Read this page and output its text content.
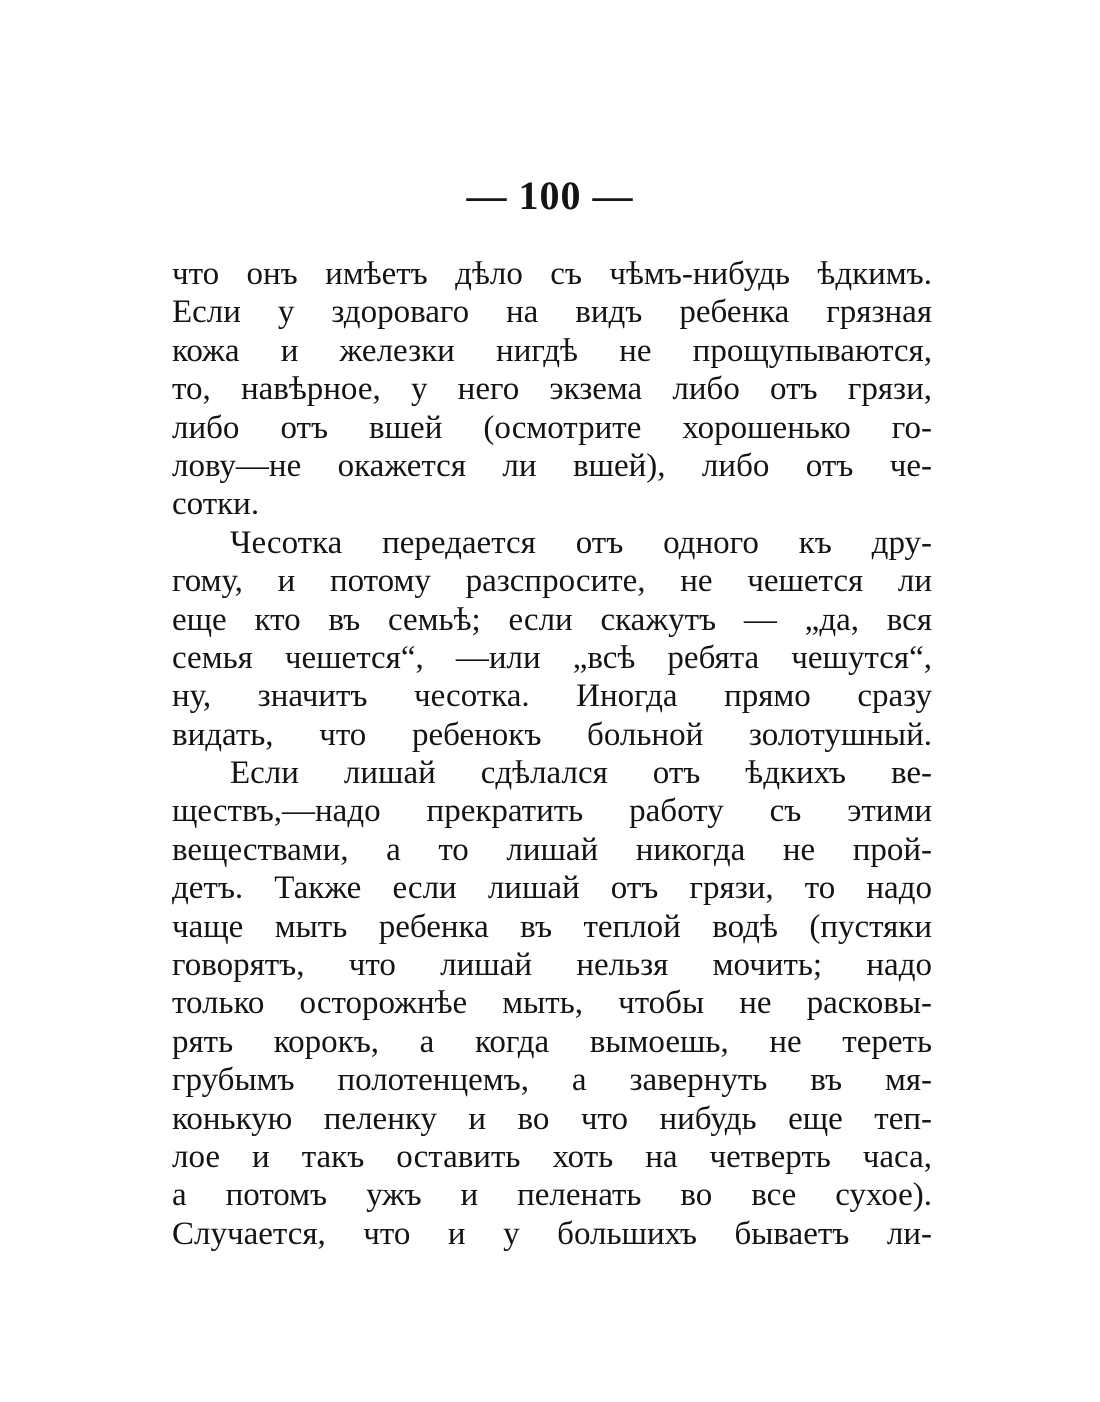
— 100 —
что онъ имѣетъ дѣло съ чѣмъ-нибудь ѣдкимъ.
Если у здороваго на видъ ребенка грязная
кожа и железки нигдѣ не прощупываются,
то, навѣрное, у него экзема либо отъ грязи,
либо отъ вшей (осмотрите хорошенько го-
лову—не окажется ли вшей), либо отъ че-
сотки.
Чесотка передается отъ одного къ дру-
гому, и потому разспросите, не чешется ли
еще кто въ семьѣ; если скажутъ — „да, вся
семья чешется“, —или „всѣ ребята чешутся“,
ну, значитъ чесотка. Иногда прямо сразу
видать, что ребенокъ больной золотушный.
Если лишай сдѣлался отъ ѣдкихъ ве-
ществъ,—надо прекратить работу съ этими
веществами, а то лишай никогда не прой-
детъ. Также если лишай отъ грязи, то надо
чаще мыть ребенка въ теплой водѣ (пустяки
говорятъ, что лишай нельзя мочить; надо
только осторожнѣе мыть, чтобы не расковы-
рять корокъ, а когда вымоешь, не тереть
грубымъ полотенцемъ, а завернуть въ мя-
конькую пеленку и во что нибудь еще теп-
лое и такъ оставить хоть на четверть часа,
а потомъ ужъ и пеленать во все сухое).
Случается, что и у большихъ бываетъ ли-
